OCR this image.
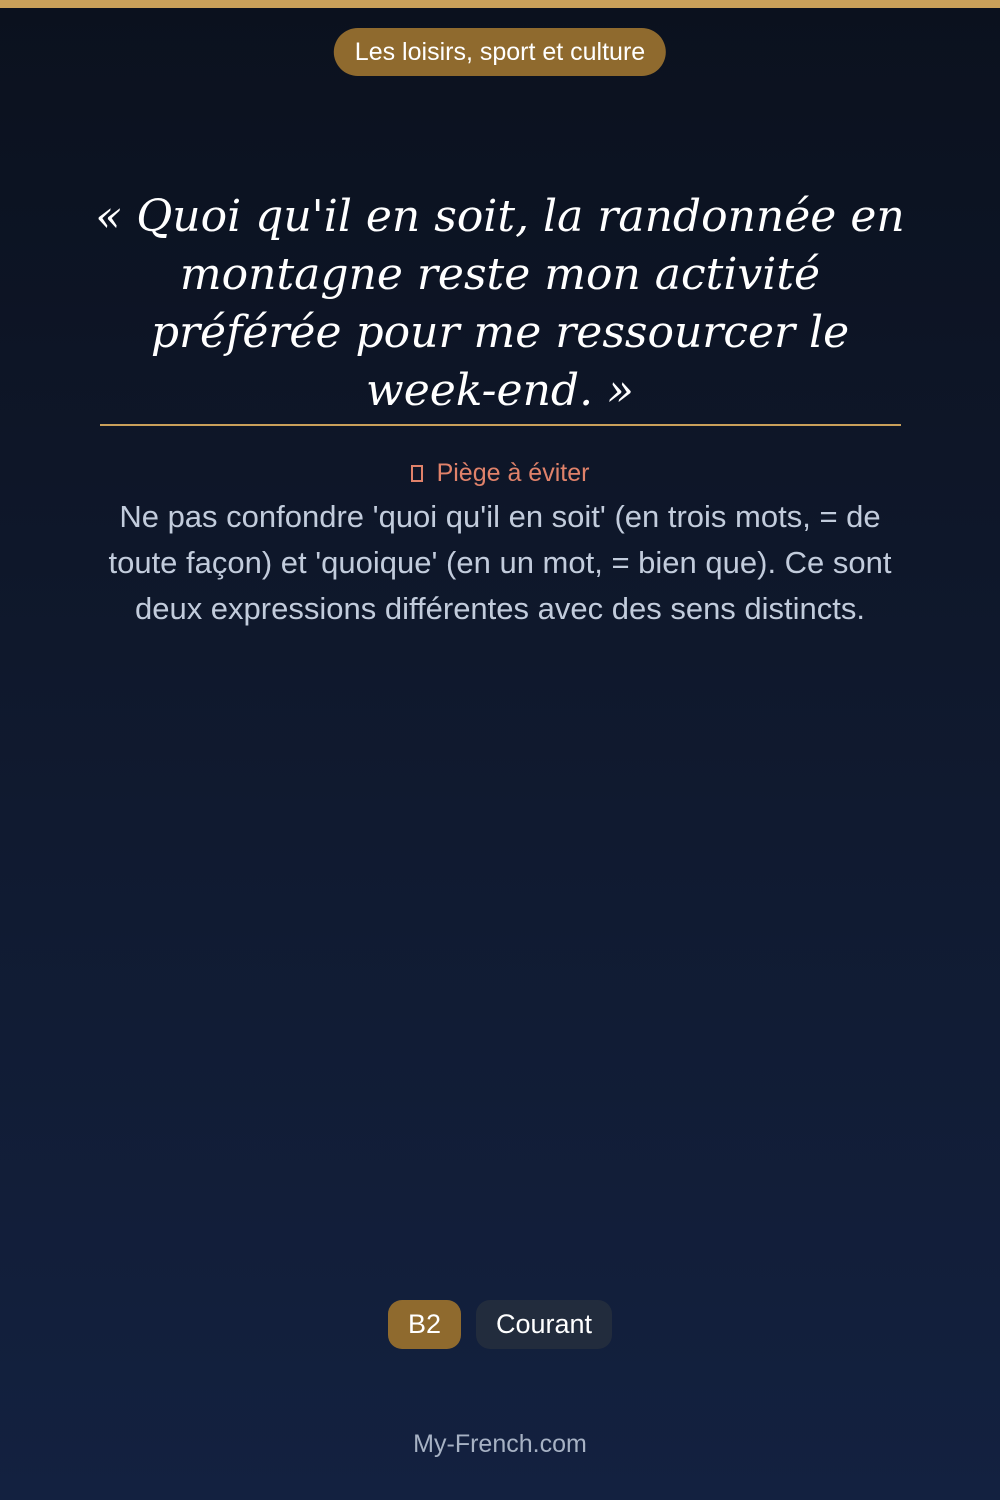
Les loisirs, sport et culture

« Quoi qu'il en soit, la randonnée en montagne reste mon activité préférée pour me ressourcer le week-end. »

Piège à éviter

Ne pas confondre 'quoi qu'il en soit' (en trois mots, = de toute façon) et 'quoique' (en un mot, = bien que). Ce sont deux expressions différentes avec des sens distincts.

B2	Courant
My-French.com
